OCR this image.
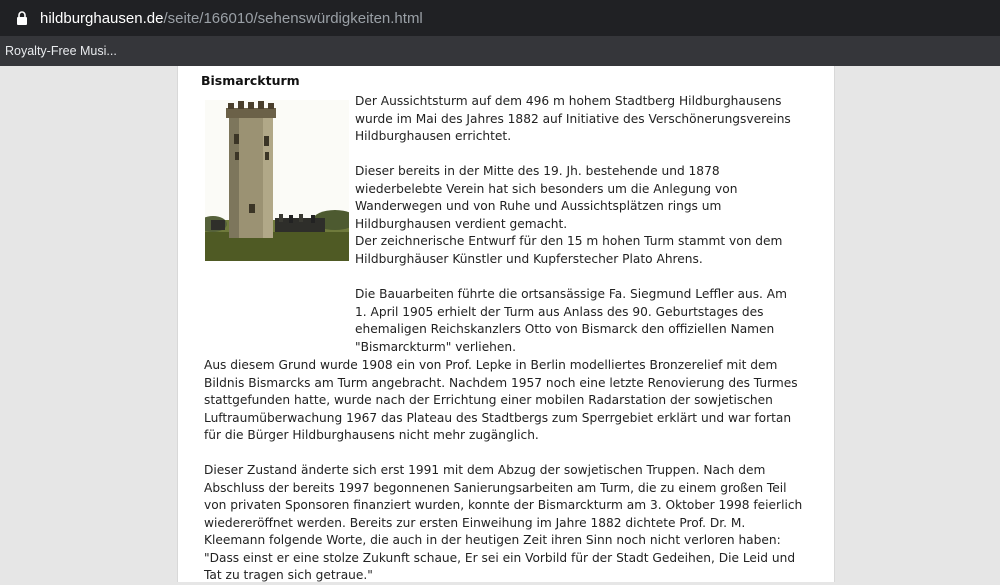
hildburghausen.de /seite/166010/sehenswürdigkeiten.html
Royalty-Free Musi...
Bismarckturm

Der Aussichtsturm auf dem 496 m hohem Stadtberg Hildburghausens wurde im Mai des Jahres 1882 auf Initiative des Verschönerungsvereins Hildburghausen errichtet.

Dieser bereits in der Mitte des 19. Jh. bestehende und 1878 wiederbelebte Verein hat sich besonders um die Anlegung von Wanderwegen und von Ruhe und Aussichtsplätzen rings um Hildburghausen verdient gemacht.

Der zeichnerische Entwurf für den 15 m hohen Turm stammt von dem Hildburghäuser Künstler und Kupferstecher Plato Ahrens.

Die Bauarbeiten führte die ortsansässige Fa. Siegmund Leffler aus. Am 1. April 1905 erhielt der Turm aus Anlass des 90. Geburtstages des ehemaligen Reichskanzlers Otto von Bismarck den offiziellen Namen "Bismarckturm" verliehen.

Aus diesem Grund wurde 1908 ein von Prof. Lepke in Berlin modelliertes Bronzerelief mit dem Bildnis Bismarcks am Turm angebracht. Nachdem 1957 noch eine letzte Renovierung des Turmes stattgefunden hatte, wurde nach der Errichtung einer mobilen Radarstation der sowjetischen Luftraumüberwachung 1967 das Plateau des Stadtbergs zum Sperrgebiet erklärt und war fortan für die Bürger Hildburghausens nicht mehr zugänglich.

Dieser Zustand änderte sich erst 1991 mit dem Abzug der sowjetischen Truppen. Nach dem Abschluss der bereits 1997 begonnenen Sanierungsarbeiten am Turm, die zu einem großen Teil von privaten Sponsoren finanziert wurden, konnte der Bismarckturm am 3. Oktober 1998 feierlich wiedereröffnet werden. Bereits zur ersten Einweihung im Jahre 1882 dichtete Prof. Dr. M. Kleemann folgende Worte, die auch in der heutigen Zeit ihren Sinn noch nicht verloren haben: "Dass einst er eine stolze Zukunft schaue, Er sei ein Vorbild für der Stadt Gedeihen, Die Leid und Tat zu tragen sich getraue."
